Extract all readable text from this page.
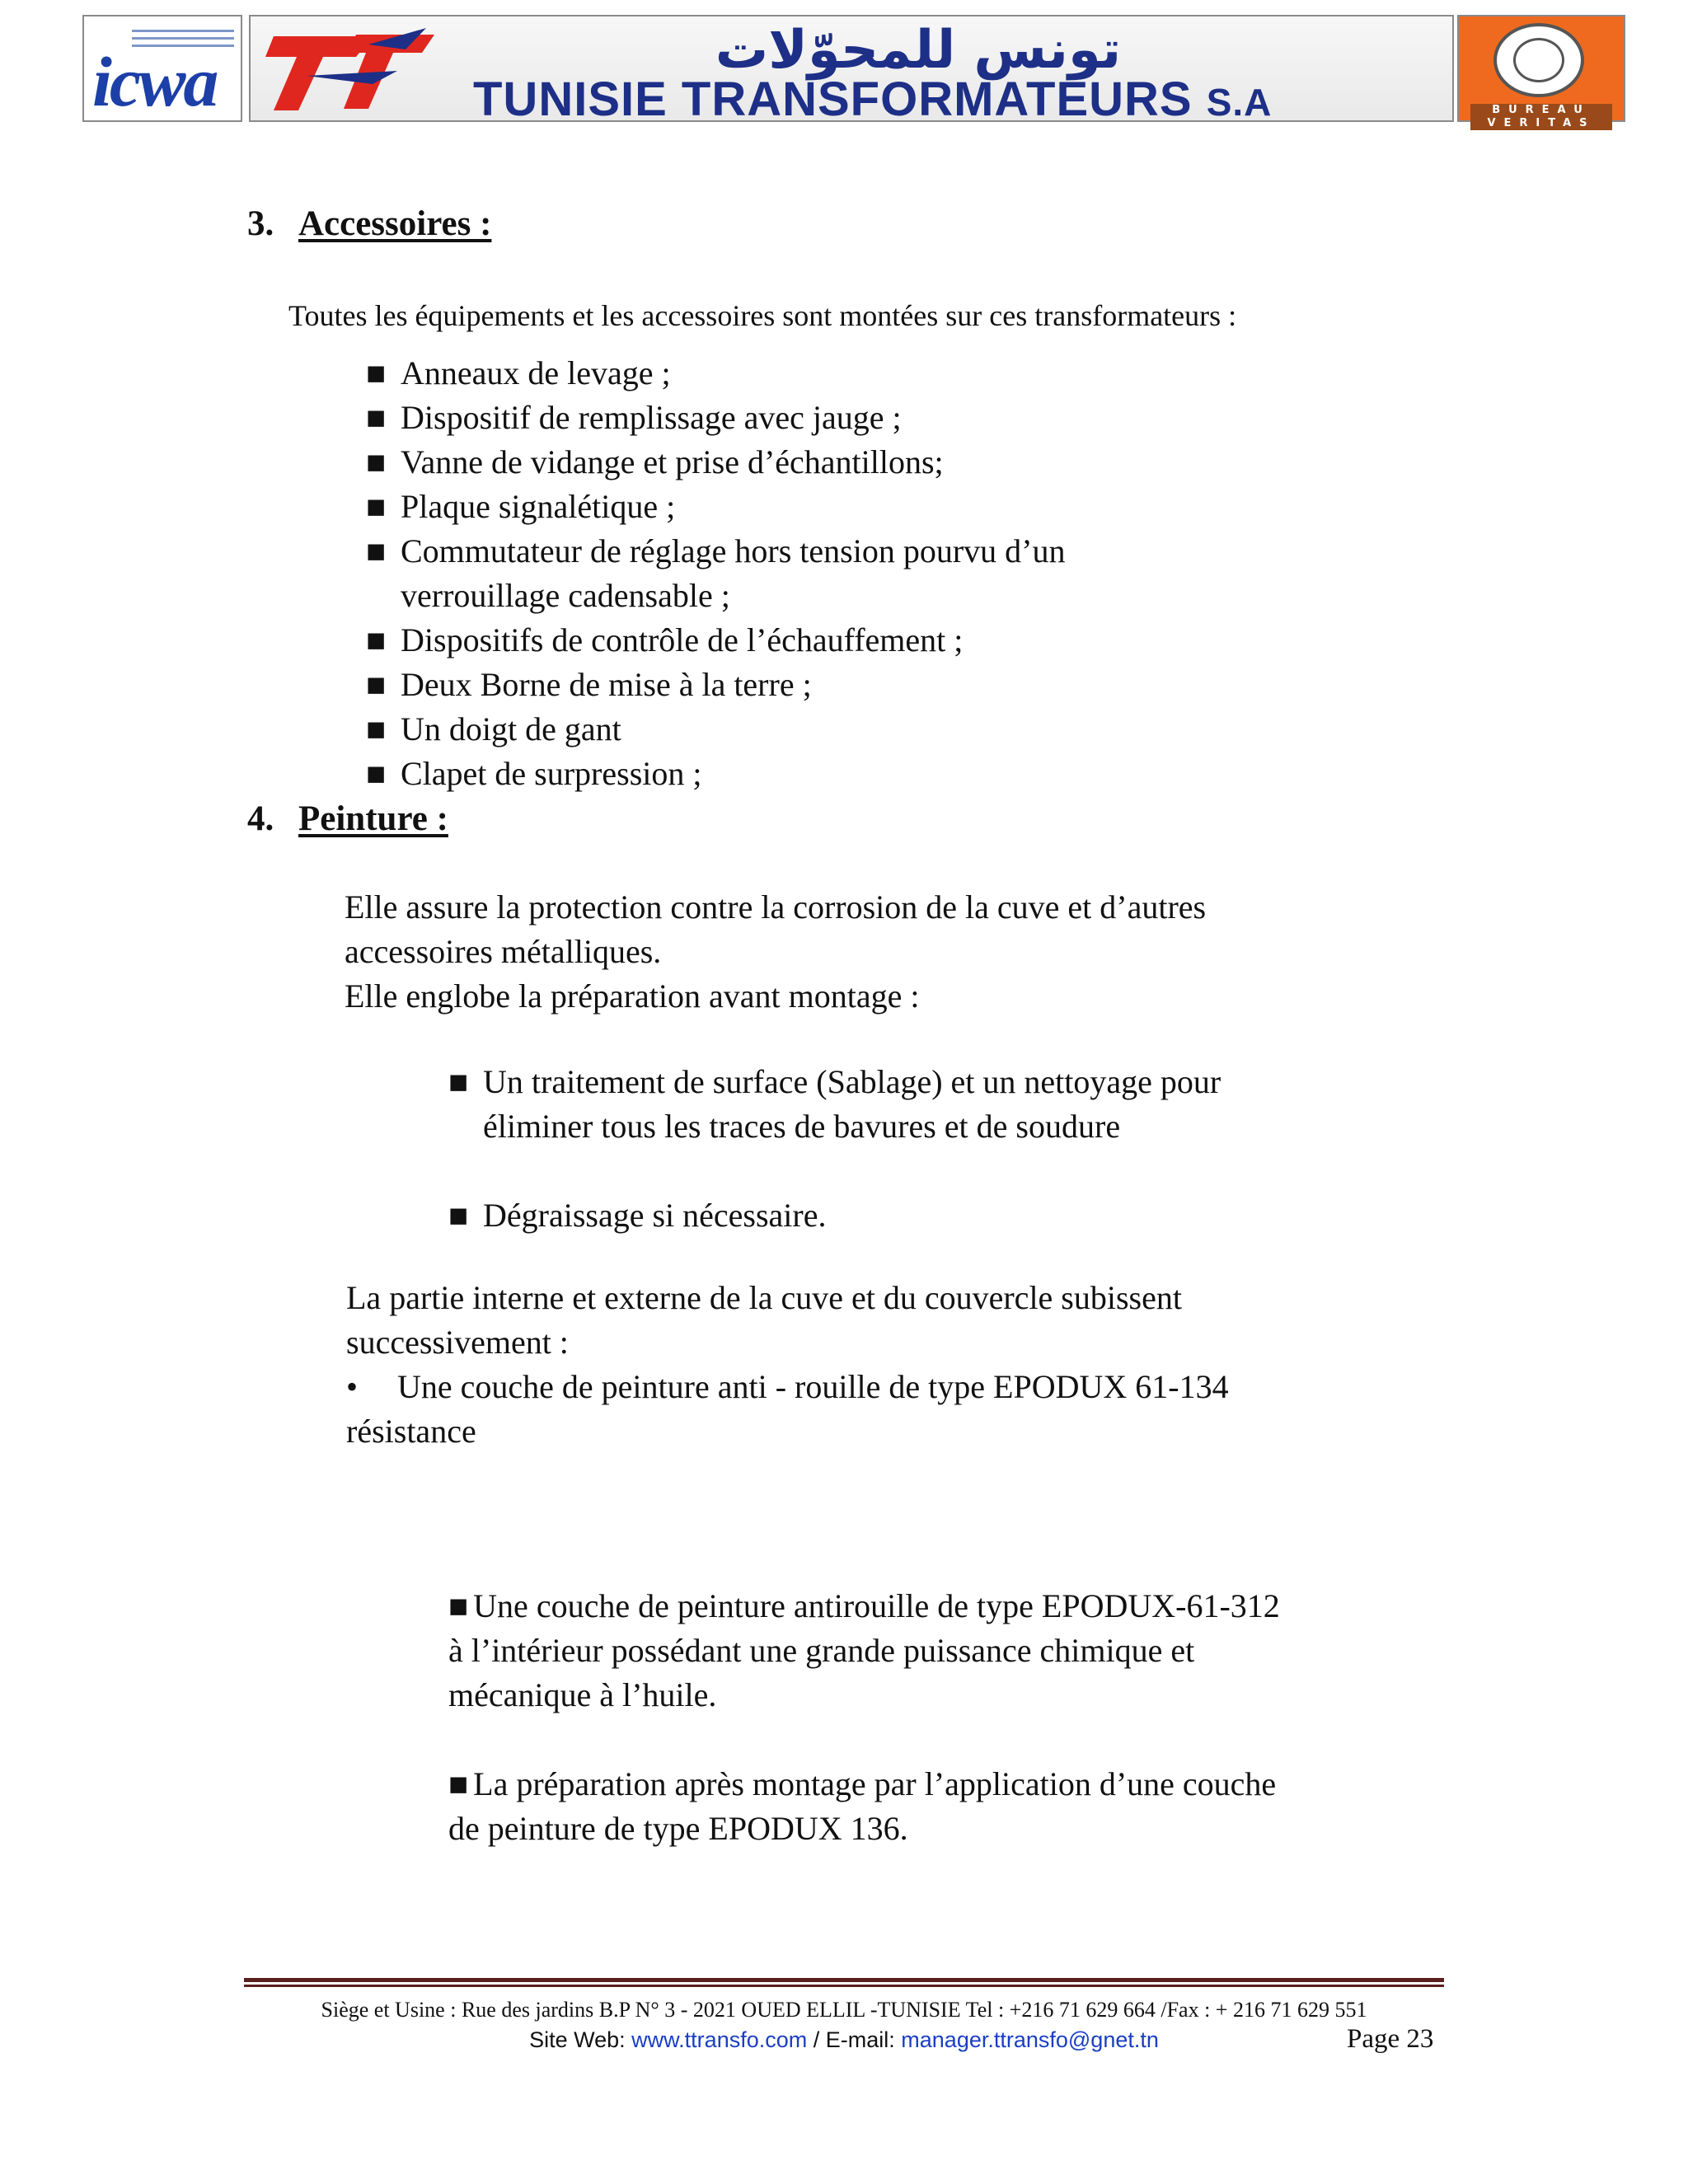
icwa	تونس للمحوّلات
TUNISIE TRANSFORMATEURS S.A	BUREAU VERITAS
3. Accessoires :
Toutes les équipements et les accessoires sont montées sur ces transformateurs :
■ Anneaux de levage ;
■ Dispositif de remplissage avec jauge ;
■ Vanne de vidange et prise d’échantillons;
■ Plaque signalétique ;
■ Commutateur de réglage hors tension pourvu d’un
verrouillage cadensable ;
■ Dispositifs de contrôle de l’échauffement ;
■ Deux Borne de mise à la terre ;
■ Un doigt de gant
■ Clapet de surpression ;
4. Peinture :
Elle assure la protection contre la corrosion de la cuve et d’autres
accessoires métalliques.
Elle englobe la préparation avant montage :
■ Un traitement de surface (Sablage) et un nettoyage pour
éliminer tous les traces de bavures et de soudure
■ Dégraissage si nécessaire.
La partie interne et externe de la cuve et du couvercle subissent
successivement :
• Une couche de peinture anti - rouille de type EPODUX 61-134
résistance
■ Une couche de peinture antirouille de type EPODUX-61-312
à l’intérieur possédant une grande puissance chimique et
mécanique à l’huile.
■ La préparation après montage par l’application d’une couche
de peinture de type EPODUX 136.
Siège et Usine : Rue des jardins B.P N° 3 - 2021 OUED ELLIL -TUNISIE Tel : +216 71 629 664 /Fax : + 216 71 629 551
Site Web: www.ttransfo.com / E-mail: manager.ttransfo@gnet.tn	Page 23
